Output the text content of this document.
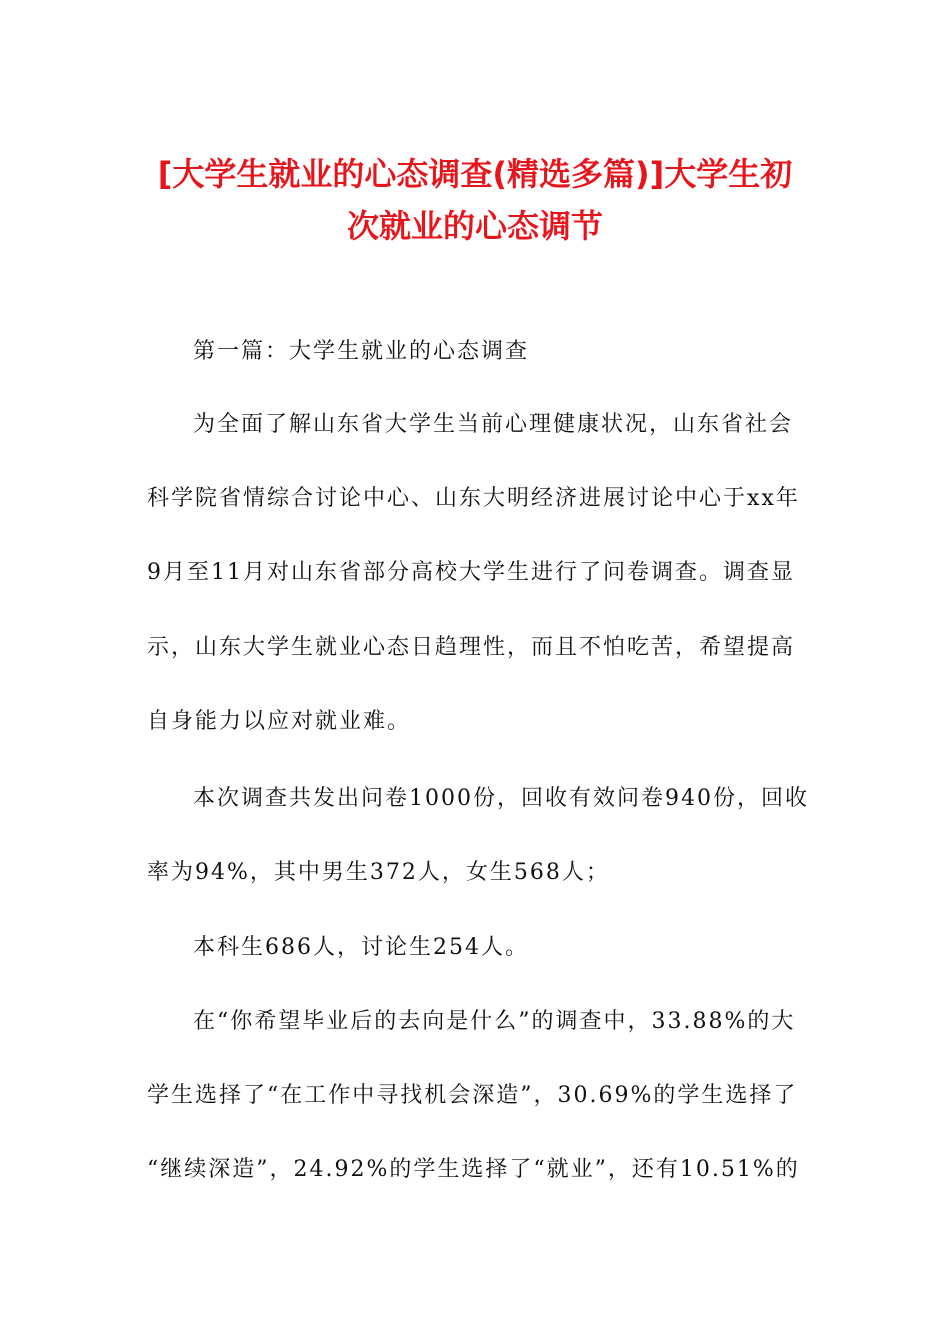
[大学生就业的心态调查(精选多篇)]大学生初
次就业的心态调节
第一篇：大学生就业的心态调查
为全面了解山东省大学生当前心理健康状况，山东省社会
科学院省情综合讨论中心、山东大明经济进展讨论中心于xx年
9月至11月对山东省部分高校大学生进行了问卷调查。调查显
示，山东大学生就业心态日趋理性，而且不怕吃苦，希望提高
自身能力以应对就业难。
本次调查共发出问卷1000份，回收有效问卷940份，回收
率为94%，其中男生372人，女生568人；
本科生686人，讨论生254人。
在“你希望毕业后的去向是什么”的调查中，33.88%的大
学生选择了“在工作中寻找机会深造”，30.69%的学生选择了
“继续深造”，24.92%的学生选择了“就业”，还有10.51%的
